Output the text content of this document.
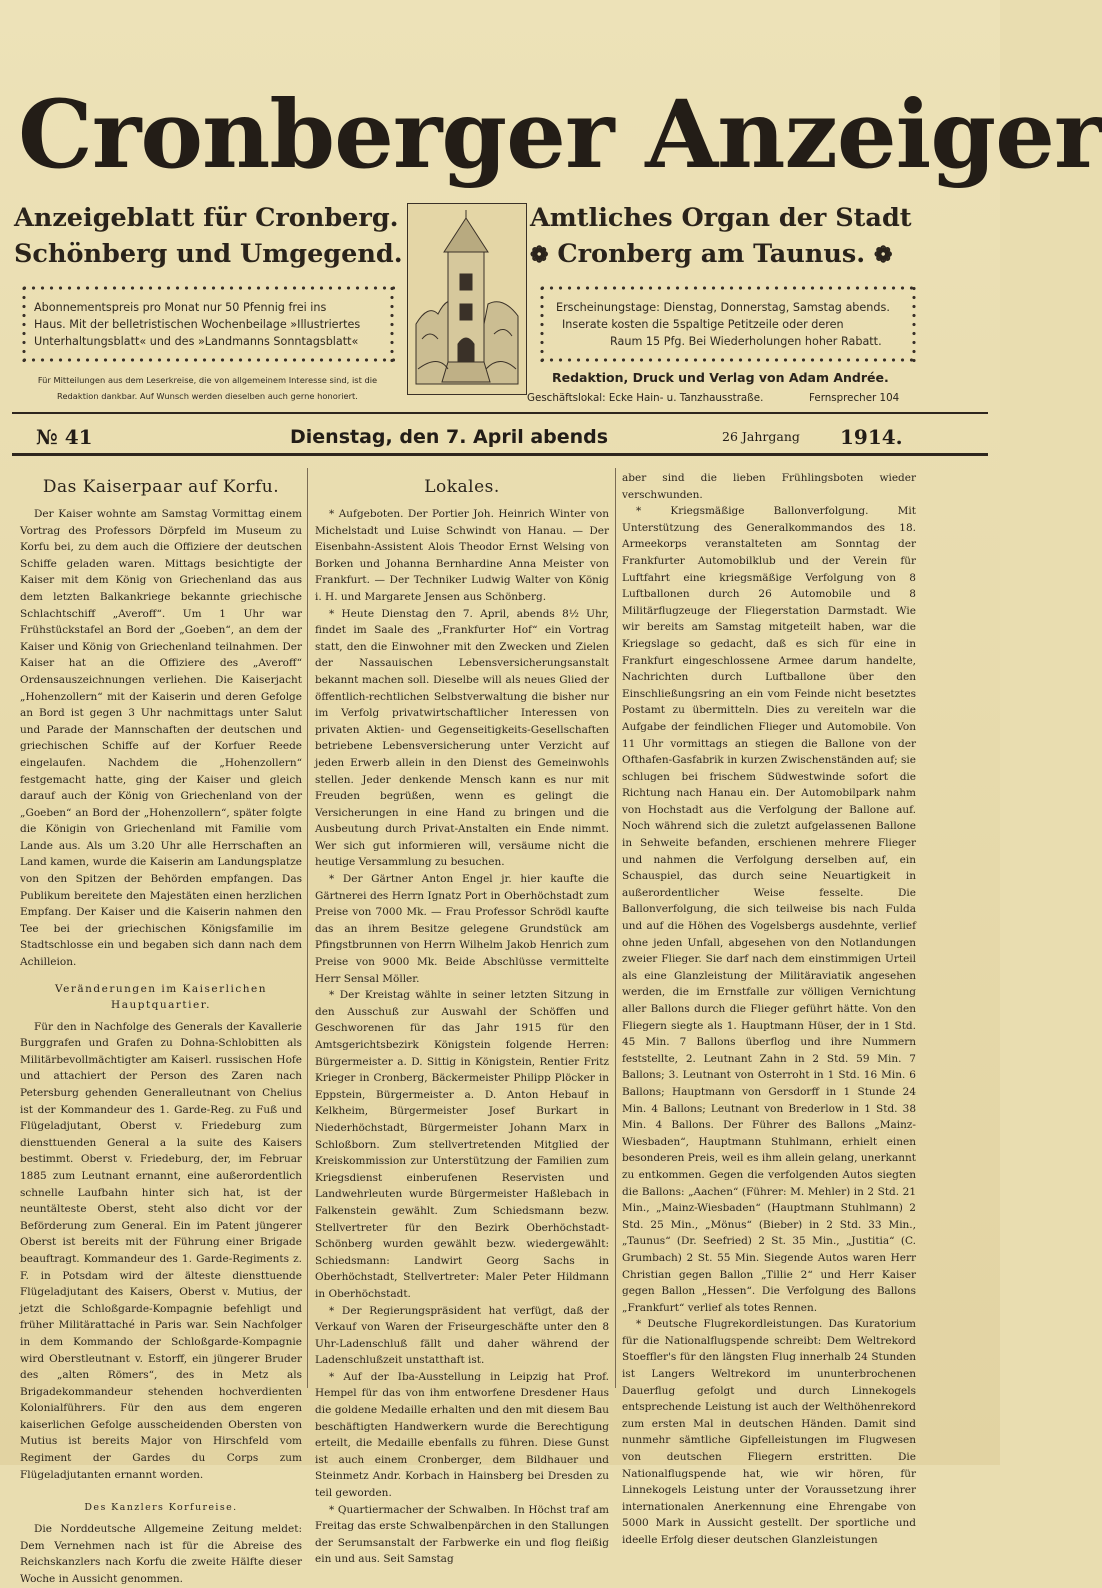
Cronberger Anzeiger
Anzeigeblatt für Cronberg.
Schönberg und Umgegend.
Amtliches Organ der Stadt
❁ Cronberg am Taunus. ❁
Abonnementspreis pro Monat nur 50 Pfennig frei ins
Haus. Mit der belletristischen Wochenbeilage »Illustriertes
Unterhaltungsblatt« und des »Landmanns Sonntagsblatt«
Erscheinungstage: Dienstag, Donnerstag, Samstag abends.
Inserate kosten die 5spaltige Petitzeile oder deren
Raum 15 Pfg. Bei Wiederholungen hoher Rabatt.
Für Mitteilungen aus dem Leserkreise, die von allgemeinem Interesse sind, ist die
Redaktion dankbar. Auf Wunsch werden dieselben auch gerne honoriert.
Redaktion, Druck und Verlag von Adam Andrée.
Geschäftslokal: Ecke Hain- u. Tanzhausstraße.	Fernsprecher 104
№ 41	Dienstag, den 7. April abends	26 Jahrgang 1914.
Das Kaiserpaar auf Korfu.

Der Kaiser wohnte am Samstag Vormittag einem Vortrag des Professors Dörpfeld im Museum zu Korfu bei, zu dem auch die Offiziere der deutschen Schiffe geladen waren. Mittags besichtigte der Kaiser mit dem König von Griechenland das aus dem letzten Balkankriege bekannte griechische Schlachtschiff „Averoff“. Um 1 Uhr war Frühstückstafel an Bord der „Goeben“, an dem der Kaiser und König von Griechenland teilnahmen. Der Kaiser hat an die Offiziere des „Averoff“ Ordensauszeichnungen verliehen. Die Kaiserjacht „Hohenzollern“ mit der Kaiserin und deren Gefolge an Bord ist gegen 3 Uhr nachmittags unter Salut und Parade der Mannschaften der deutschen und griechischen Schiffe auf der Korfuer Reede eingelaufen. Nachdem die „Hohenzollern“ festgemacht hatte, ging der Kaiser und gleich darauf auch der König von Griechenland von der „Goeben“ an Bord der „Hohenzollern“, später folgte die Königin von Griechenland mit Familie vom Lande aus. Als um 3.20 Uhr alle Herrschaften an Land kamen, wurde die Kaiserin am Landungsplatze von den Spitzen der Behörden empfangen. Das Publikum bereitete den Majestäten einen herzlichen Empfang. Der Kaiser und die Kaiserin nahmen den Tee bei der griechischen Königsfamilie im Stadtschlosse ein und begaben sich dann nach dem Achilleion.

Veränderungen im Kaiserlichen Hauptquartier.

Für den in Nachfolge des Generals der Kavallerie Burggrafen und Grafen zu Dohna-Schlobitten als Militärbevollmächtigter am Kaiserl. russischen Hofe und attachiert der Person des Zaren nach Petersburg gehenden Generalleutnant von Chelius ist der Kommandeur des 1. Garde-Reg. zu Fuß und Flügeladjutant, Oberst v. Friedeburg zum diensttuenden General a la suite des Kaisers bestimmt. Oberst v. Friedeburg, der, im Februar 1885 zum Leutnant ernannt, eine außerordentlich schnelle Laufbahn hinter sich hat, ist der neuntälteste Oberst, steht also dicht vor der Beförderung zum General. Ein im Patent jüngerer Oberst ist bereits mit der Führung einer Brigade beauftragt. Kommandeur des 1. Garde-Regiments z. F. in Potsdam wird der älteste diensttuende Flügeladjutant des Kaisers, Oberst v. Mutius, der jetzt die Schloßgarde-Kompagnie befehligt und früher Militärattaché in Paris war. Sein Nachfolger in dem Kommando der Schloßgarde-Kompagnie wird Oberstleutnant v. Estorff, ein jüngerer Bruder des „alten Römers“, des in Metz als Brigadekommandeur stehenden hochverdienten Kolonialführers. Für den aus dem engeren kaiserlichen Gefolge ausscheidenden Obersten von Mutius ist bereits Major von Hirschfeld vom Regiment der Gardes du Corps zum Flügeladjutanten ernannt worden.

Des Kanzlers Korfureise.

Die Norddeutsche Allgemeine Zeitung meldet: Dem Vernehmen nach ist für die Abreise des Reichskanzlers nach Korfu die zweite Hälfte dieser Woche in Aussicht genommen.

Lokales.

* Aufgeboten. Der Portier Joh. Heinrich Winter von Michelstadt und Luise Schwindt von Hanau. — Der Eisenbahn-Assistent Alois Theodor Ernst Welsing von Borken und Johanna Bernhardine Anna Meister von Frankfurt. — Der Techniker Ludwig Walter von König i. H. und Margarete Jensen aus Schönberg.

* Heute Dienstag den 7. April, abends 8½ Uhr, findet im Saale des „Frankfurter Hof“ ein Vortrag statt, den die Einwohner mit den Zwecken und Zielen der Nassauischen Lebensversicherungsanstalt bekannt machen soll. Dieselbe will als neues Glied der öffentlich-rechtlichen Selbstverwaltung die bisher nur im Verfolg privatwirtschaftlicher Interessen von privaten Aktien- und Gegenseitigkeits-Gesellschaften betriebene Lebensversicherung unter Verzicht auf jeden Erwerb allein in den Dienst des Gemeinwohls stellen. Jeder denkende Mensch kann es nur mit Freuden begrüßen, wenn es gelingt die Versicherungen in eine Hand zu bringen und die Ausbeutung durch Privat-Anstalten ein Ende nimmt. Wer sich gut informieren will, versäume nicht die heutige Versammlung zu besuchen.

* Der Gärtner Anton Engel jr. hier kaufte die Gärtnerei des Herrn Ignatz Port in Oberhöchstadt zum Preise von 7000 Mk. — Frau Professor Schrödl kaufte das an ihrem Besitze gelegene Grundstück am Pfingstbrunnen von Herrn Wilhelm Jakob Henrich zum Preise von 9000 Mk. Beide Abschlüsse vermittelte Herr Sensal Möller.

* Der Kreistag wählte in seiner letzten Sitzung in den Ausschuß zur Auswahl der Schöffen und Geschworenen für das Jahr 1915 für den Amtsgerichtsbezirk Königstein folgende Herren: Bürgermeister a. D. Sittig in Königstein, Rentier Fritz Krieger in Cronberg, Bäckermeister Philipp Plöcker in Eppstein, Bürgermeister a. D. Anton Hebauf in Kelkheim, Bürgermeister Josef Burkart in Niederhöchstadt, Bürgermeister Johann Marx in Schloßborn. Zum stellvertretenden Mitglied der Kreiskommission zur Unterstützung der Familien zum Kriegsdienst einberufenen Reservisten und Landwehrleuten wurde Bürgermeister Haßlebach in Falkenstein gewählt. Zum Schiedsmann bezw. Stellvertreter für den Bezirk Oberhöchstadt-Schönberg wurden gewählt bezw. wiedergewählt: Schiedsmann: Landwirt Georg Sachs in Oberhöchstadt, Stellvertreter: Maler Peter Hildmann in Oberhöchstadt.

* Der Regierungspräsident hat verfügt, daß der Verkauf von Waren der Friseurgeschäfte unter den 8 Uhr-Ladenschluß fällt und daher während der Ladenschlußzeit unstatthaft ist.

* Auf der Iba-Ausstellung in Leipzig hat Prof. Hempel für das von ihm entworfene Dresdener Haus die goldene Medaille erhalten und den mit diesem Bau beschäftigten Handwerkern wurde die Berechtigung erteilt, die Medaille ebenfalls zu führen. Diese Gunst ist auch einem Cronberger, dem Bildhauer und Steinmetz Andr. Korbach in Hainsberg bei Dresden zu teil geworden.

* Quartiermacher der Schwalben. In Höchst traf am Freitag das erste Schwalbenpärchen in den Stallungen der Serumsanstalt der Farbwerke ein und flog fleißig ein und aus. Seit Samstag

aber sind die lieben Frühlingsboten wieder verschwunden.

* Kriegsmäßige Ballonverfolgung. Mit Unterstützung des Generalkommandos des 18. Armeekorps veranstalteten am Sonntag der Frankfurter Automobilklub und der Verein für Luftfahrt eine kriegsmäßige Verfolgung von 8 Luftballonen durch 26 Automobile und 8 Militärflugzeuge der Fliegerstation Darmstadt. Wie wir bereits am Samstag mitgeteilt haben, war die Kriegslage so gedacht, daß es sich für eine in Frankfurt eingeschlossene Armee darum handelte, Nachrichten durch Luftballone über den Einschließungsring an ein vom Feinde nicht besetztes Postamt zu übermitteln. Dies zu vereiteln war die Aufgabe der feindlichen Flieger und Automobile. Von 11 Uhr vormittags an stiegen die Ballone von der Ofthafen-Gasfabrik in kurzen Zwischenständen auf; sie schlugen bei frischem Südwestwinde sofort die Richtung nach Hanau ein. Der Automobilpark nahm von Hochstadt aus die Verfolgung der Ballone auf. Noch während sich die zuletzt aufgelassenen Ballone in Sehweite befanden, erschienen mehrere Flieger und nahmen die Verfolgung derselben auf, ein Schauspiel, das durch seine Neuartigkeit in außerordentlicher Weise fesselte. Die Ballonverfolgung, die sich teilweise bis nach Fulda und auf die Höhen des Vogelsbergs ausdehnte, verlief ohne jeden Unfall, abgesehen von den Notlandungen zweier Flieger. Sie darf nach dem einstimmigen Urteil als eine Glanzleistung der Militäraviatik angesehen werden, die im Ernstfalle zur völligen Vernichtung aller Ballons durch die Flieger geführt hätte. Von den Fliegern siegte als 1. Hauptmann Hüser, der in 1 Std. 45 Min. 7 Ballons überflog und ihre Nummern feststellte, 2. Leutnant Zahn in 2 Std. 59 Min. 7 Ballons; 3. Leutnant von Osterroht in 1 Std. 16 Min. 6 Ballons; Hauptmann von Gersdorff in 1 Stunde 24 Min. 4 Ballons; Leutnant von Brederlow in 1 Std. 38 Min. 4 Ballons. Der Führer des Ballons „Mainz-Wiesbaden“, Hauptmann Stuhlmann, erhielt einen besonderen Preis, weil es ihm allein gelang, unerkannt zu entkommen. Gegen die verfolgenden Autos siegten die Ballons: „Aachen“ (Führer: M. Mehler) in 2 Std. 21 Min., „Mainz-Wiesbaden“ (Hauptmann Stuhlmann) 2 Std. 25 Min., „Mönus“ (Bieber) in 2 Std. 33 Min., „Taunus“ (Dr. Seefried) 2 St. 35 Min., „Justitia“ (C. Grumbach) 2 St. 55 Min. Siegende Autos waren Herr Christian gegen Ballon „Tillie 2“ und Herr Kaiser gegen Ballon „Hessen“. Die Verfolgung des Ballons „Frankfurt“ verlief als totes Rennen.

* Deutsche Flugrekordleistungen. Das Kuratorium für die Nationalflugspende schreibt: Dem Weltrekord Stoeffler's für den längsten Flug innerhalb 24 Stunden ist Langers Weltrekord im ununterbrochenen Dauerflug gefolgt und durch Linnekogels entsprechende Leistung ist auch der Welthöhenrekord zum ersten Mal in deutschen Händen. Damit sind nunmehr sämtliche Gipfelleistungen im Flugwesen von deutschen Fliegern erstritten. Die Nationalflugspende hat, wie wir hören, für Linnekogels Leistung unter der Voraussetzung ihrer internationalen Anerkennung eine Ehrengabe von 5000 Mark in Aussicht gestellt. Der sportliche und ideelle Erfolg dieser deutschen Glanzleistungen
